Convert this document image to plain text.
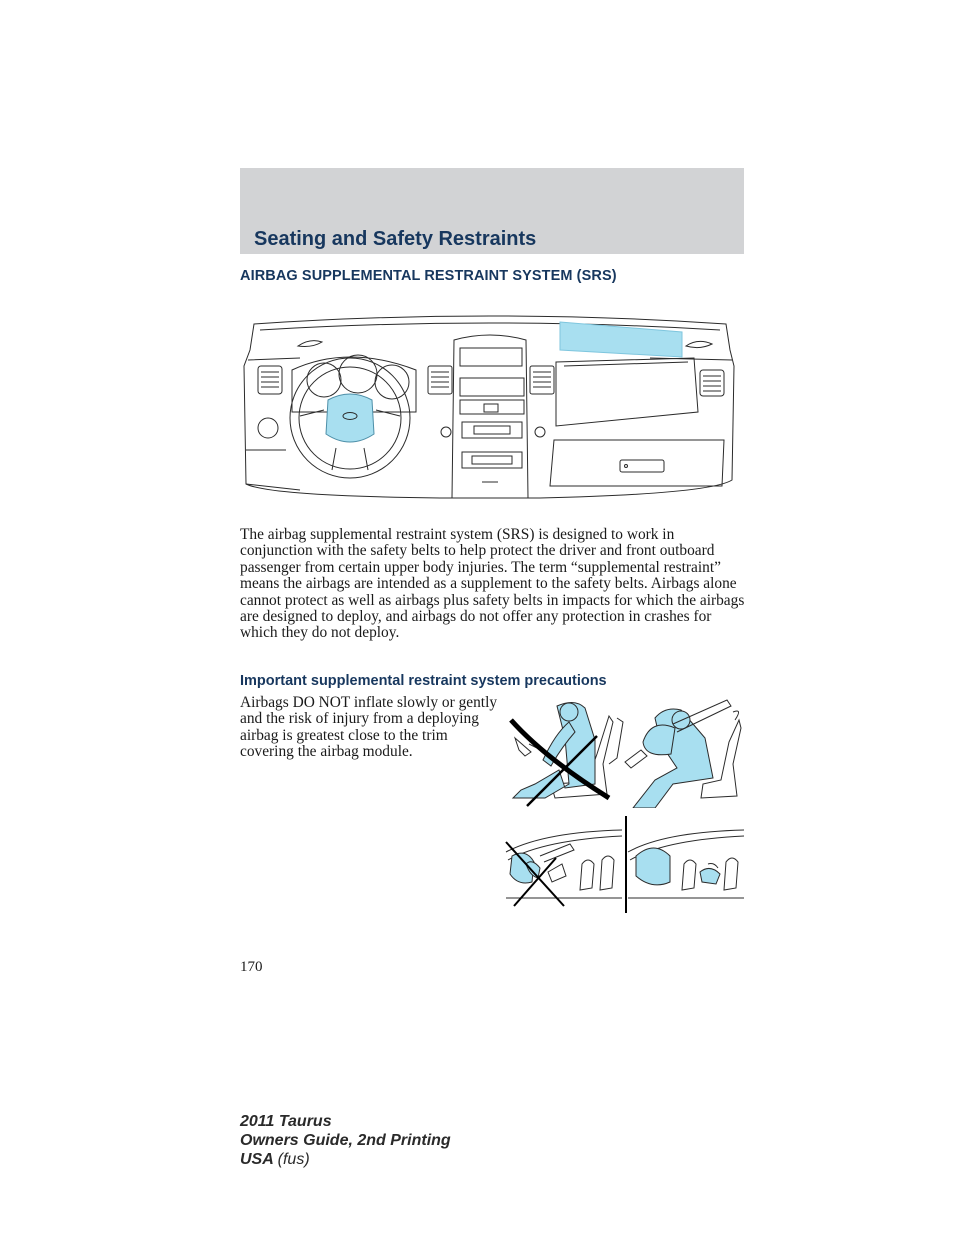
Seating and Safety Restraints
AIRBAG SUPPLEMENTAL RESTRAINT SYSTEM (SRS)

The airbag supplemental restraint system (SRS) is designed to work in conjunction with the safety belts to help protect the driver and front outboard passenger from certain upper body injuries. The term “supplemental restraint” means the airbags are intended as a supplement to the safety belts. Airbags alone cannot protect as well as airbags plus safety belts in impacts for which the airbags are designed to deploy, and airbags do not offer any protection in crashes for which they do not deploy.

Important supplemental restraint system precautions

Airbags DO NOT inflate slowly or gently and the risk of injury from a deploying airbag is greatest close to the trim covering the airbag module.

170
2011 Taurus
Owners Guide, 2nd Printing
USA (fus)
